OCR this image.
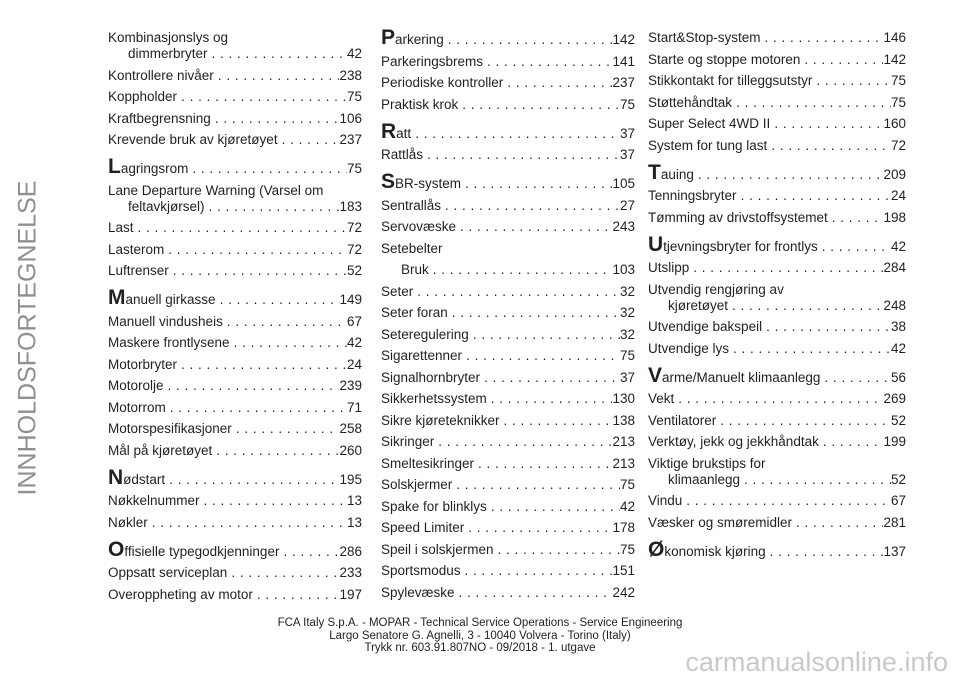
INNHOLDSFORTEGNELSE
Kombinasjonslys og
dimmerbryter . . .	42
Kontrollere nivåer . . .	238
Koppholder . . .	75
Kraftbegrensning . . .	106
Krevende bruk av kjøretøyet . . .	237
Lagringsrom . . .	75
Lane Departure Warning (Varsel om
feltavkjørsel) . . .	183
Last . . .	72
Lasterom . . .	72
Luftrenser . . .	52
Manuell girkasse . . .	149
Manuell vindusheis . . .	67
Maskere frontlysene . . .	42
Motorbryter . . .	24
Motorolje . . .	239
Motorrom . . .	71
Motorspesifikasjoner . . .	258
Mål på kjøretøyet . . .	260
Nødstart . . .	195
Nøkkelnummer . . .	13
Nøkler . . .	13
Offisielle typegodkjenninger . . .	286
Oppsatt serviceplan . . .	233
Overoppheting av motor . . .	197
Parkering . . .	142
Parkeringsbrems . . .	141
Periodiske kontroller . . .	237
Praktisk krok . . .	75
Ratt . . .	37
Rattlås . . .	37
SBR-system . . .	105
Sentrallås . . .	27
Servovæske . . .	243
Setebelter
Bruk . . .	103
Seter . . .	32
Seter foran . . .	32
Seteregulering . . .	32
Sigarettenner . . .	75
Signalhornbryter . . .	37
Sikkerhetssystem . . .	130
Sikre kjøreteknikker . . .	138
Sikringer . . .	213
Smeltesikringer . . .	213
Solskjermer . . .	75
Spake for blinklys . . .	42
Speed Limiter . . .	178
Speil i solskjermen . . .	75
Sportsmodus . . .	151
Spylevæske . . .	242
Start&Stop-system . . .	146
Starte og stoppe motoren . . .	142
Stikkontakt for tilleggsutstyr . . .	75
Støttehåndtak . . .	75
Super Select 4WD II . . .	160
System for tung last . . .	72
Tauing . . .	209
Tenningsbryter . . .	24
Tømming av drivstoffsystemet . . .	198
Utjevningsbryter for frontlys . . .	42
Utslipp . . .	284
Utvendig rengjøring av
kjøretøyet . . .	248
Utvendige bakspeil . . .	38
Utvendige lys . . .	42
Varme/Manuelt klimaanlegg . . .	56
Vekt . . .	269
Ventilatorer . . .	52
Verktøy, jekk og jekkhåndtak . . .	199
Viktige brukstips for
klimaanlegg . . .	52
Vindu . . .	67
Væsker og smøremidler . . .	281
Økonomisk kjøring . . .	137
FCA Italy S.p.A. - MOPAR - Technical Service Operations - Service Engineering
Largo Senatore G. Agnelli, 3 - 10040 Volvera - Torino (Italy)
Trykk nr. 603.91.807NO - 09/2018 - 1. utgave	carmanualsonline.info
